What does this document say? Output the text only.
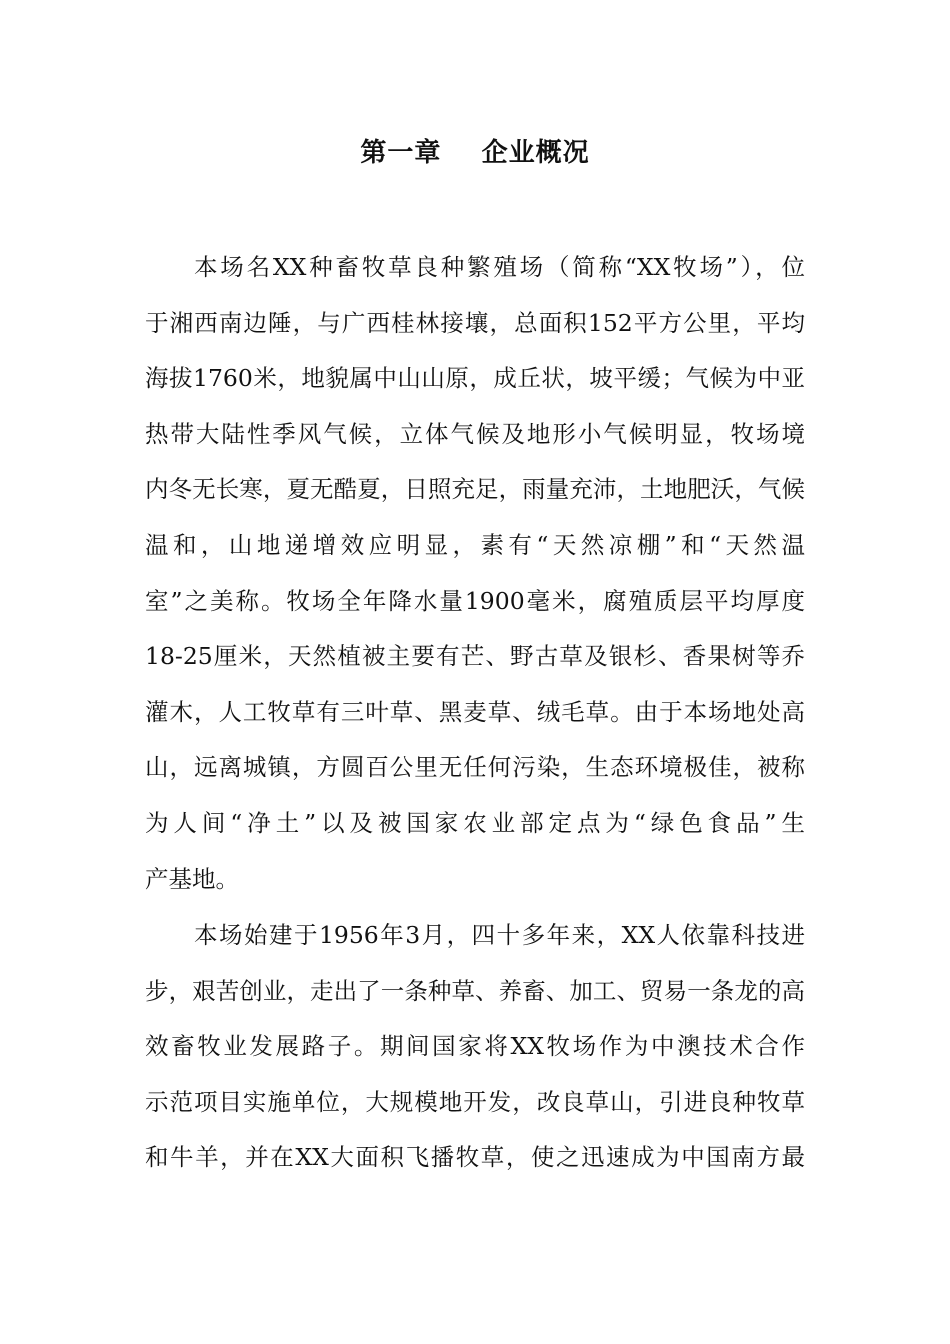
第一章    企业概况
本场名XX种畜牧草良种繁殖场（简称“XX牧场”），位
于湘西南边陲，与广西桂林接壤，总面积152平方公里，平均
海拔1760米，地貌属中山山原，成丘状，坡平缓；气候为中亚
热带大陆性季风气候，立体气候及地形小气候明显，牧场境
内冬无长寒，夏无酷夏，日照充足，雨量充沛，土地肥沃，气候
温和，山地递增效应明显，素有“天然凉棚”和“天然温
室”之美称。牧场全年降水量1900毫米，腐殖质层平均厚度
18-25厘米，天然植被主要有芒、野古草及银杉、香果树等乔
灌木，人工牧草有三叶草、黑麦草、绒毛草。由于本场地处高
山，远离城镇，方圆百公里无任何污染，生态环境极佳，被称
为人间“净土”以及被国家农业部定点为“绿色食品”生
产基地。
本场始建于1956年3月，四十多年来，XX人依靠科技进
步，艰苦创业，走出了一条种草、养畜、加工、贸易一条龙的高
效畜牧业发展路子。期间国家将XX牧场作为中澳技术合作
示范项目实施单位，大规模地开发，改良草山，引进良种牧草
和牛羊，并在XX大面积飞播牧草，使之迅速成为中国南方最
